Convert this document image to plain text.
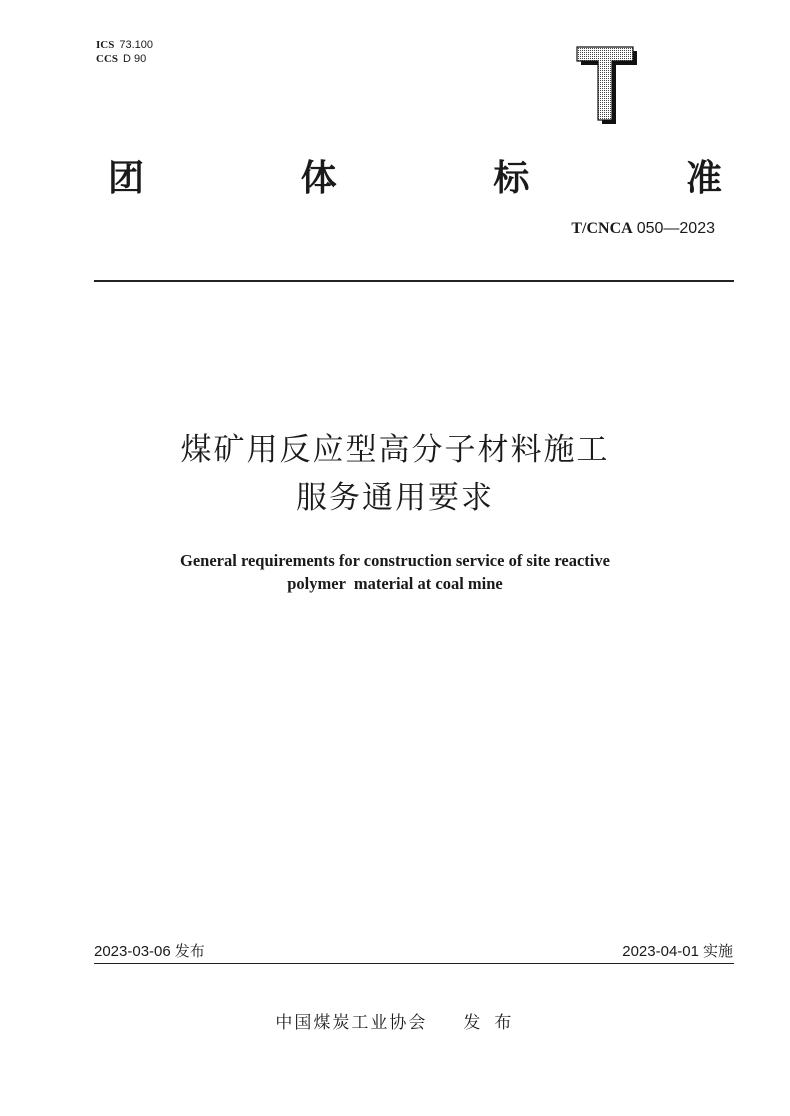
ICS 73.100
CCS D 90
团	体	标	准
T/CNCA 050—2023
煤矿用反应型高分子材料施工
服务通用要求
General requirements for construction service of site reactive
polymer  material at coal mine
2023-03-06 发布	2023-04-01 实施

中国煤炭工业协会 发布
